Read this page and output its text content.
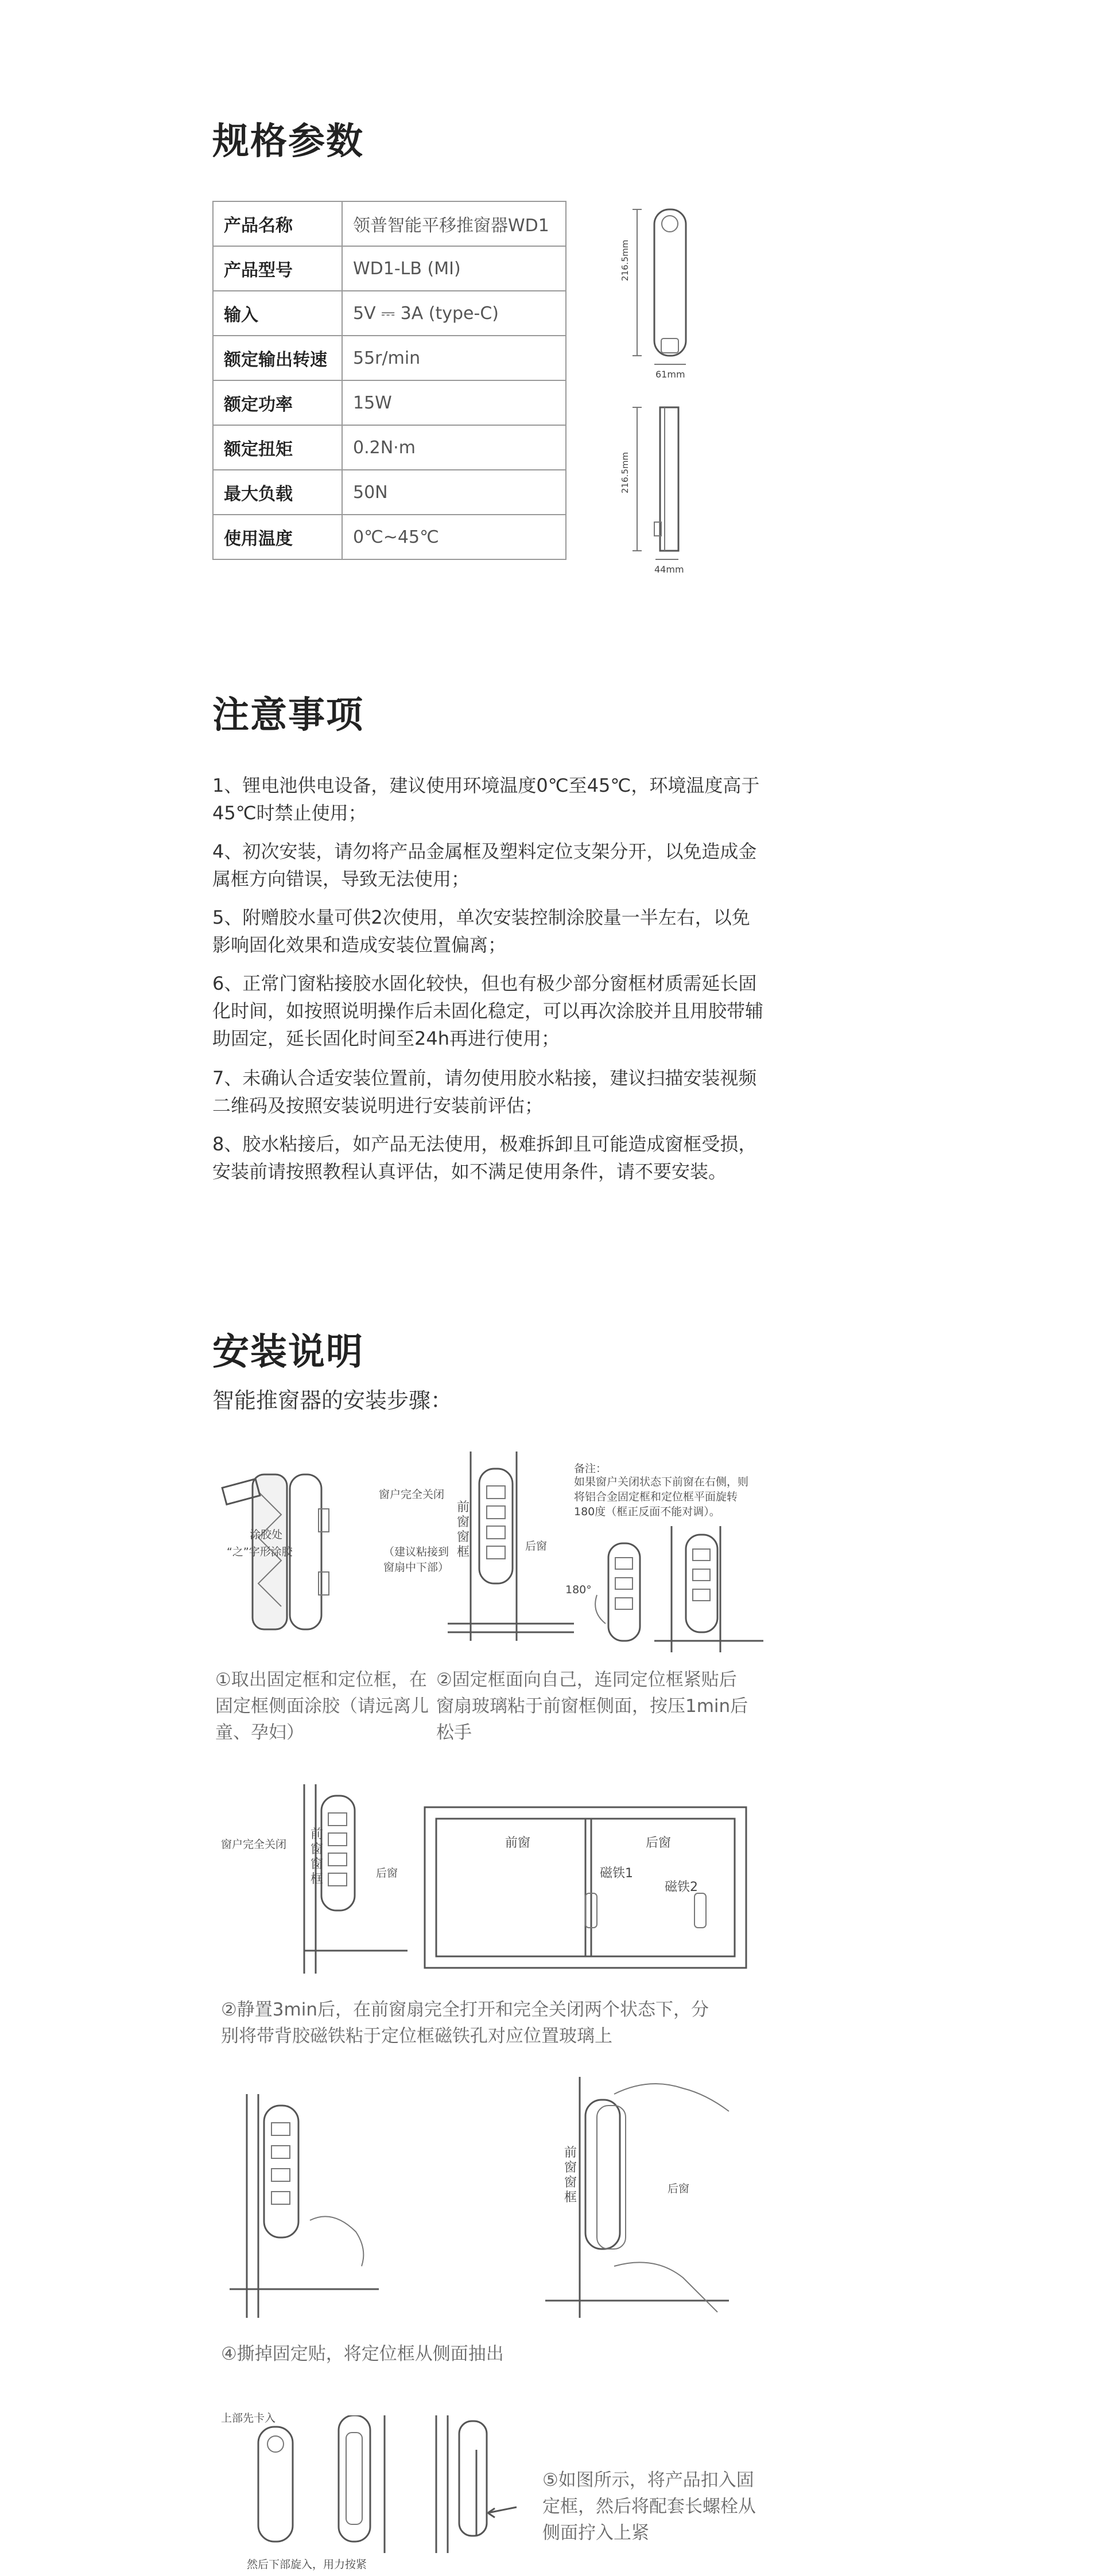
规格参数
产品名称	领普智能平移推窗器WD1
产品型号	WD1-LB (MI)
输入	5V ⎓ 3A (type-C)
额定输出转速	55r/min
额定功率	15W
额定扭矩	0.2N·m
最大负载	50N
使用温度	0℃~45℃
216.5mm
61mm
216.5mm
44mm
注意事项
1、锂电池供电设备，建议使用环境温度0℃至45℃，环境温度高于45℃时禁止使用；
4、初次安装，请勿将产品金属框及塑料定位支架分开，以免造成金属框方向错误，导致无法使用；
5、附赠胶水量可供2次使用，单次安装控制涂胶量一半左右，以免影响固化效果和造成安装位置偏离；
6、正常门窗粘接胶水固化较快，但也有极少部分窗框材质需延长固化时间，如按照说明操作后未固化稳定，可以再次涂胶并且用胶带辅助固定，延长固化时间至24h再进行使用；
7、未确认合适安装位置前，请勿使用胶水粘接，建议扫描安装视频二维码及按照安装说明进行安装前评估；
8、胶水粘接后，如产品无法使用，极难拆卸且可能造成窗框受损，安装前请按照教程认真评估，如不满足使用条件，请不要安装。
安装说明
智能推窗器的安装步骤：
涂胶处
“之”字形涂胶
窗户完全关闭
前窗窗框
（建议粘接到窗扇中下部）
后窗
备注：
如果窗户关闭状态下前窗在右侧，则将铝合金固定框和定位框平面旋转180度（框正反面不能对调）。
180°
①取出固定框和定位框，在固定框侧面涂胶（请远离儿童、孕妇）
②固定框面向自己，连同定位框紧贴后窗扇玻璃粘于前窗框侧面，按压1min后松手
窗户完全关闭
前窗窗框	后窗
前窗	后窗
磁铁1
磁铁2
②静置3min后，在前窗扇完全打开和完全关闭两个状态下，分别将带背胶磁铁粘于定位框磁铁孔对应位置玻璃上
前窗窗框
后窗
④撕掉固定贴，将定位框从侧面抽出
上部先卡入
然后下部旋入，用力按紧
⑤如图所示，将产品扣入固定框，然后将配套长螺栓从侧面拧入上紧
